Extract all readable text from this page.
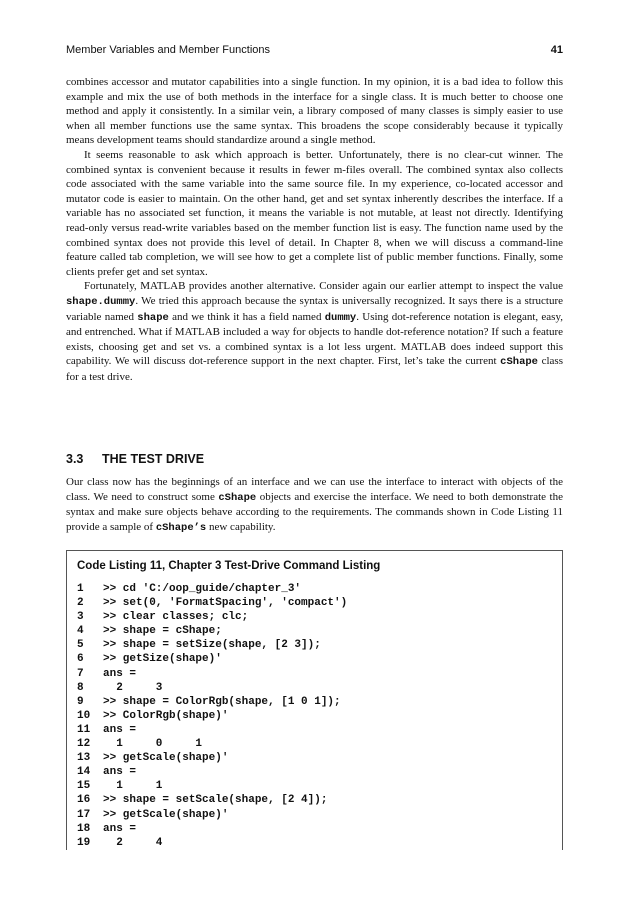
Member Variables and Member Functions	41

combines accessor and mutator capabilities into a single function. In my opinion, it is a bad idea to follow this example and mix the use of both methods in the interface for a single class. It is much better to choose one method and apply it consistently. In a similar vein, a library composed of many classes is simply easier to use when all member functions use the same syntax. This broadens the scope considerably because it typically means development teams should standardize around a single method.

It seems reasonable to ask which approach is better. Unfortunately, there is no clear-cut winner. The combined syntax is convenient because it results in fewer m-files overall. The combined syntax also collects code associated with the same variable into the same source file. In my experience, co-located accessor and mutator code is easier to maintain. On the other hand, get and set syntax inherently describes the interface. If a variable has no associated set function, it means the variable is not mutable, at least not directly. Identifying read-only versus read-write variables based on the member function list is easy. The function name used by the combined syntax does not provide this level of detail. In Chapter 8, when we will discuss a command-line feature called tab completion, we will see how to get a complete list of public member functions. Finally, some clients prefer get and set syntax.

Fortunately, MATLAB provides another alternative. Consider again our earlier attempt to inspect the value shape.dummy. We tried this approach because the syntax is universally recognized. It says there is a structure variable named shape and we think it has a field named dummy. Using dot-reference notation is elegant, easy, and entrenched. What if MATLAB included a way for objects to handle dot-reference notation? If such a feature exists, choosing get and set vs. a combined syntax is a lot less urgent. MATLAB does indeed support this capability. We will discuss dot-reference support in the next chapter. First, let’s take the current cShape class for a test drive.

3.3 THE TEST DRIVE

Our class now has the beginnings of an interface and we can use the interface to interact with objects of the class. We need to construct some cShape objects and exercise the interface. We need to both demonstrate the syntax and make sure objects behave according to the requirements. The commands shown in Code Listing 11 provide a sample of cShape’s new capability.

Code Listing 11, Chapter 3 Test-Drive Command Listing
1 >> cd 'C:/oop_guide/chapter_3'
2 >> set(0, 'FormatSpacing', 'compact')
3 >> clear classes; clc;
4 >> shape = cShape;
5 >> shape = setSize(shape, [2 3]);
6 >> getSize(shape)'
7 ans =
8  2     3
9 >> shape = ColorRgb(shape, [1 0 1]);
10 >> ColorRgb(shape)'
11 ans =
12  1     0     1
13 >> getScale(shape)'
14 ans =
15  1     1
16 >> shape = setScale(shape, [2 4]);
17 >> getScale(shape)'
18 ans =
19  2     4
